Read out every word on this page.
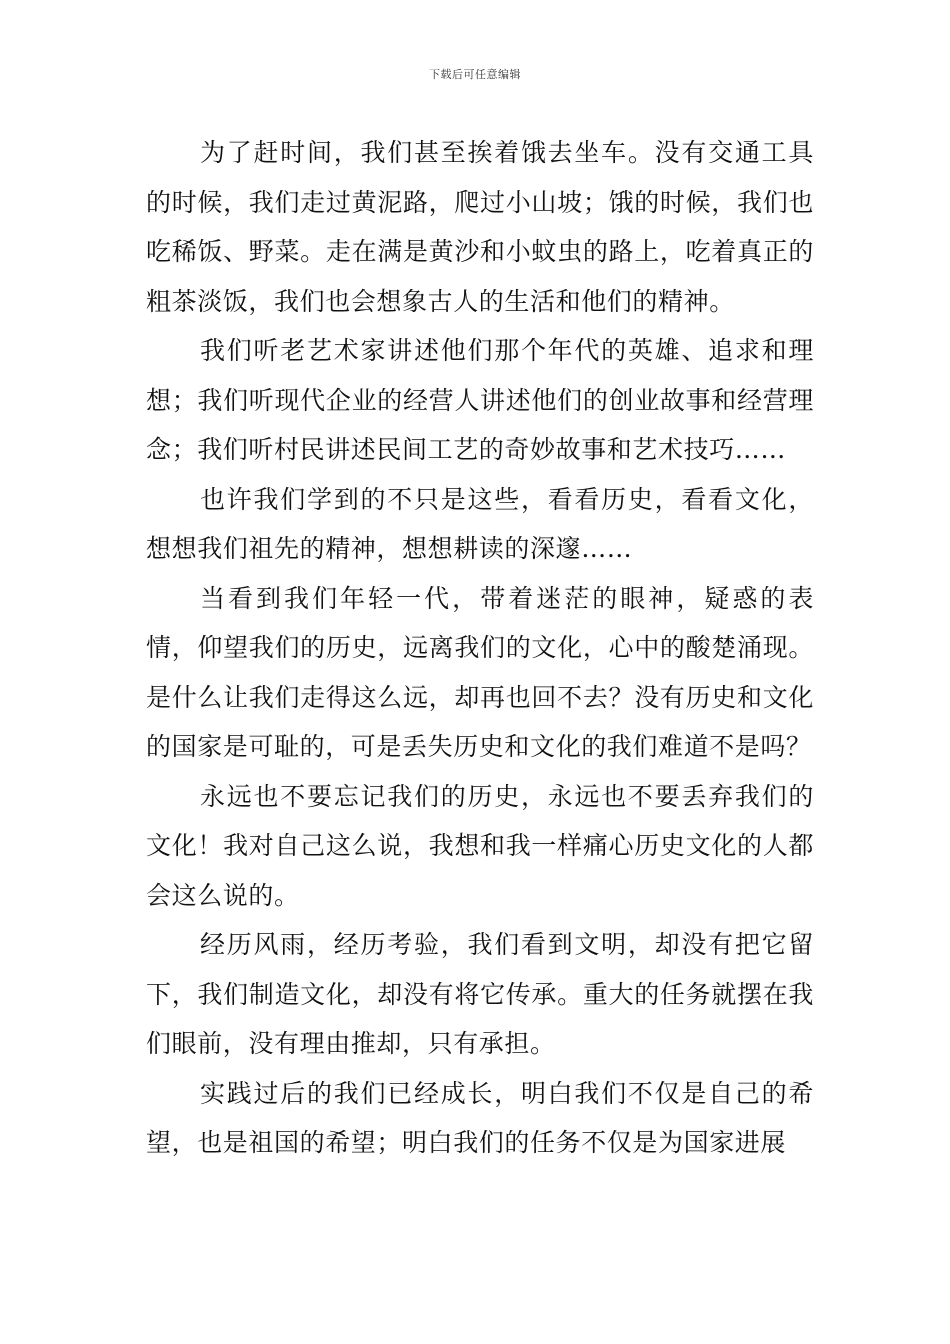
下载后可任意编辑

为了赶时间，我们甚至挨着饿去坐车。没有交通工具的时候，我们走过黄泥路，爬过小山坡；饿的时候，我们也吃稀饭、野菜。走在满是黄沙和小蚊虫的路上，吃着真正的粗茶淡饭，我们也会想象古人的生活和他们的精神。

我们听老艺术家讲述他们那个年代的英雄、追求和理想；我们听现代企业的经营人讲述他们的创业故事和经营理念；我们听村民讲述民间工艺的奇妙故事和艺术技巧……

也许我们学到的不只是这些，看看历史，看看文化，想想我们祖先的精神，想想耕读的深邃……

当看到我们年轻一代，带着迷茫的眼神，疑惑的表情，仰望我们的历史，远离我们的文化，心中的酸楚涌现。是什么让我们走得这么远，却再也回不去？没有历史和文化的国家是可耻的，可是丢失历史和文化的我们难道不是吗？

永远也不要忘记我们的历史，永远也不要丢弃我们的文化！我对自己这么说，我想和我一样痛心历史文化的人都会这么说的。

经历风雨，经历考验，我们看到文明，却没有把它留下，我们制造文化，却没有将它传承。重大的任务就摆在我们眼前，没有理由推却，只有承担。

实践过后的我们已经成长，明白我们不仅是自己的希望，也是祖国的希望；明白我们的任务不仅是为国家进展
